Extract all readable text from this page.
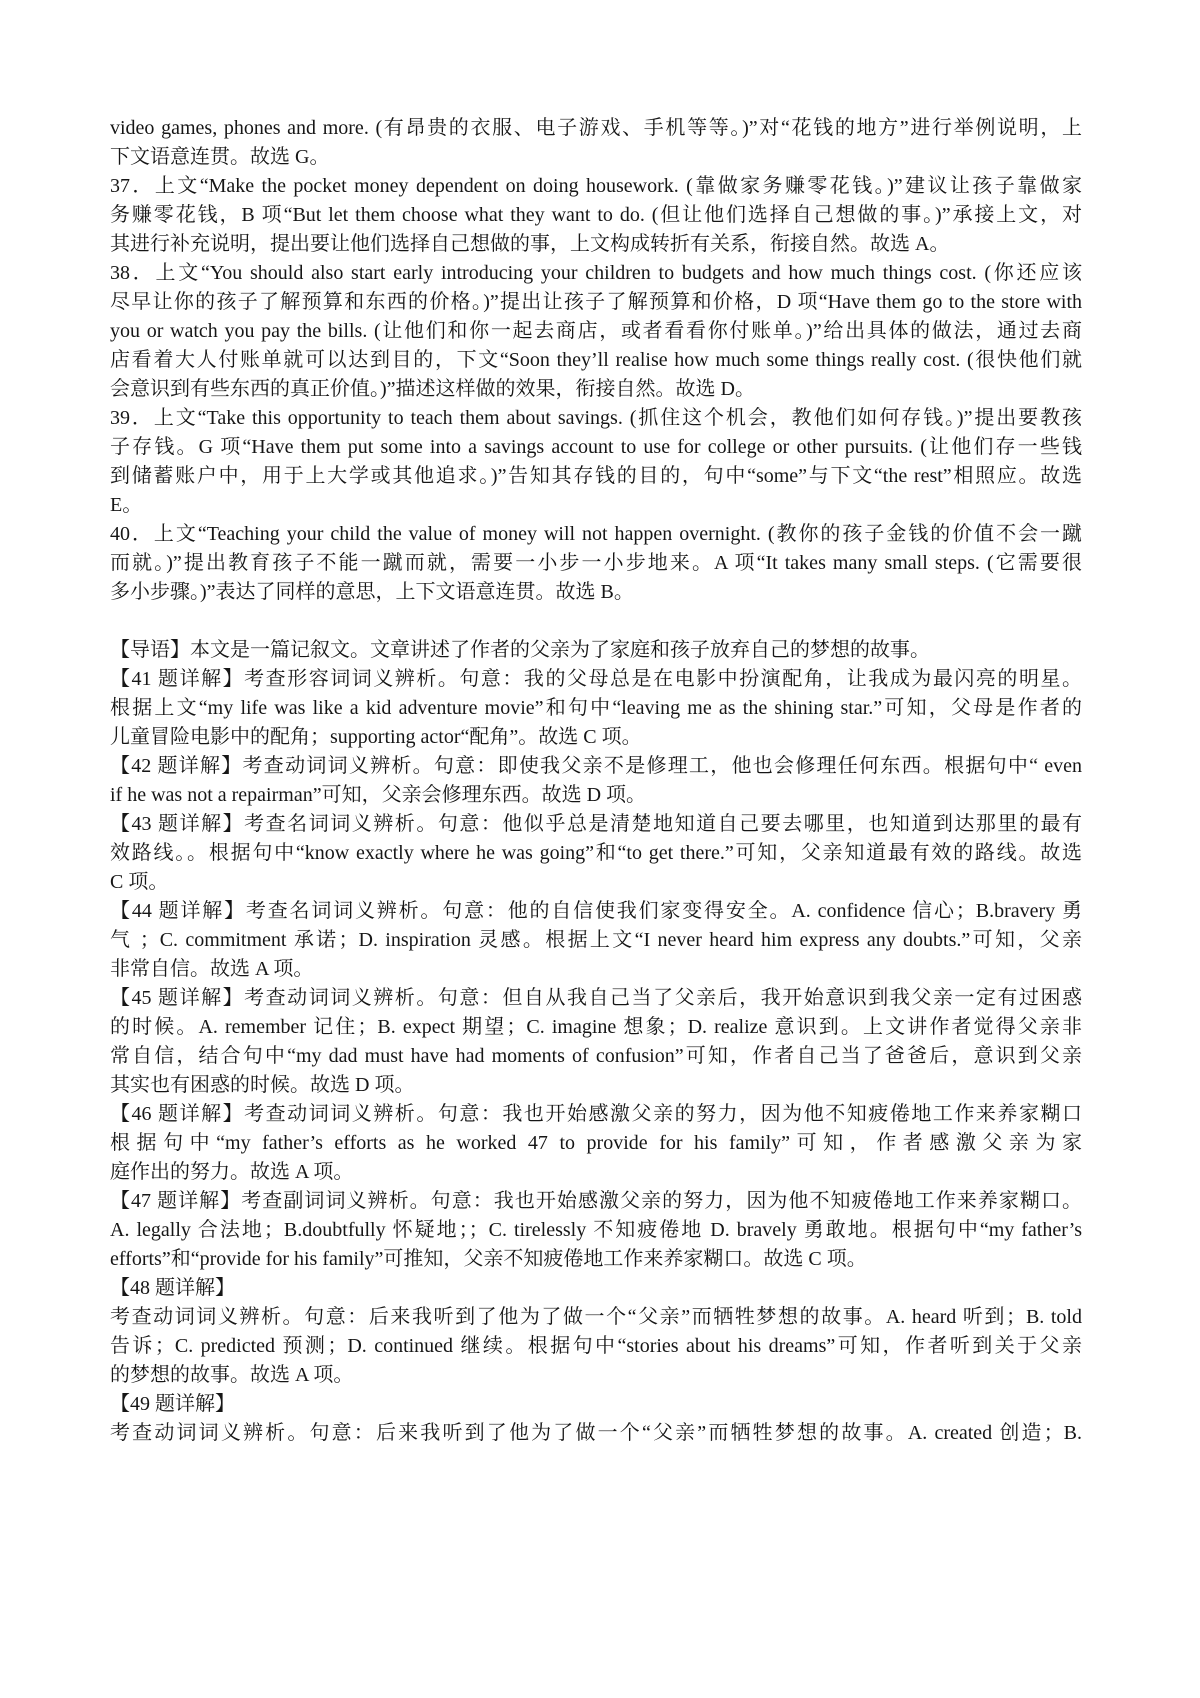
video games, phones and more. (有昂贵的衣服、电子游戏、手机等等。)”对“花钱的地方”进行举例说明，上
下文语意连贯。故选 G。
37．上文“Make the pocket money dependent on doing housework. (靠做家务赚零花钱。)”建议让孩子靠做家
务赚零花钱，B 项“But let them choose what they want to do. (但让他们选择自己想做的事。)”承接上文，对
其进行补充说明，提出要让他们选择自己想做的事，上文构成转折有关系，衔接自然。故选 A。
38．上文“You should also start early introducing your children to budgets and how much things cost. (你还应该
尽早让你的孩子了解预算和东西的价格。)”提出让孩子了解预算和价格，D 项“Have them go to the store with
you or watch you pay the bills. (让他们和你一起去商店，或者看看你付账单。)”给出具体的做法，通过去商
店看着大人付账单就可以达到目的，下文“Soon they’ll realise how much some things really cost. (很快他们就
会意识到有些东西的真正价值。)”描述这样做的效果，衔接自然。故选 D。
39．上文“Take this opportunity to teach them about savings. (抓住这个机会，教他们如何存钱。)”提出要教孩
子存钱。G 项“Have them put some into a savings account to use for college or other pursuits. (让他们存一些钱
到储蓄账户中，用于上大学或其他追求。)”告知其存钱的目的，句中“some”与下文“the rest”相照应。故选
E。
40．上文“Teaching your child the value of money will not happen overnight. (教你的孩子金钱的价值不会一蹴
而就。)”提出教育孩子不能一蹴而就，需要一小步一小步地来。A 项“It takes many small steps. (它需要很
多小步骤。)”表达了同样的意思，上下文语意连贯。故选 B。
【导语】本文是一篇记叙文。文章讲述了作者的父亲为了家庭和孩子放弃自己的梦想的故事。
【41 题详解】考查形容词词义辨析。句意：我的父母总是在电影中扮演配角，让我成为最闪亮的明星。
根据上文“my life was like a kid adventure movie”和句中“leaving me as the shining star.”可知，父母是作者的
儿童冒险电影中的配角；supporting actor“配角”。故选 C 项。
【42 题详解】考查动词词义辨析。句意：即使我父亲不是修理工，他也会修理任何东西。根据句中“ even
if he was not a repairman”可知，父亲会修理东西。故选 D 项。
【43 题详解】考查名词词义辨析。句意：他似乎总是清楚地知道自己要去哪里，也知道到达那里的最有
效路线。。根据句中“know exactly where he was going”和“to get there.”可知，父亲知道最有效的路线。故选
C 项。
【44 题详解】考查名词词义辨析。句意：他的自信使我们家变得安全。A. confidence 信心；B.bravery 勇
气 ；C. commitment 承诺；D. inspiration 灵感。根据上文“I never heard him express any doubts.”可知，父亲
非常自信。故选 A 项。
【45 题详解】考查动词词义辨析。句意：但自从我自己当了父亲后，我开始意识到我父亲一定有过困惑
的时候。A. remember 记住；B. expect 期望；C. imagine 想象；D. realize 意识到。上文讲作者觉得父亲非
常自信，结合句中“my dad must have had moments of confusion”可知，作者自己当了爸爸后，意识到父亲
其实也有困惑的时候。故选 D 项。
【46 题详解】考查动词词义辨析。句意：我也开始感激父亲的努力，因为他不知疲倦地工作来养家糊口
根据句中“my father’s efforts as he worked 47 to provide for his family”可知，作者感激父亲为家
庭作出的努力。故选 A 项。
【47 题详解】考查副词词义辨析。句意：我也开始感激父亲的努力，因为他不知疲倦地工作来养家糊口。
A. legally 合法地；B.doubtfully 怀疑地；；C. tirelessly 不知疲倦地 D. bravely 勇敢地。根据句中“my father’s
efforts”和“provide for his family”可推知，父亲不知疲倦地工作来养家糊口。故选 C 项。
【48 题详解】
考查动词词义辨析。句意：后来我听到了他为了做一个“父亲”而牺牲梦想的故事。A. heard 听到；B. told
告诉；C. predicted 预测；D. continued 继续。根据句中“stories about his dreams”可知，作者听到关于父亲
的梦想的故事。故选 A 项。
【49 题详解】
考查动词词义辨析。句意：后来我听到了他为了做一个“父亲”而牺牲梦想的故事。A. created 创造；B.
